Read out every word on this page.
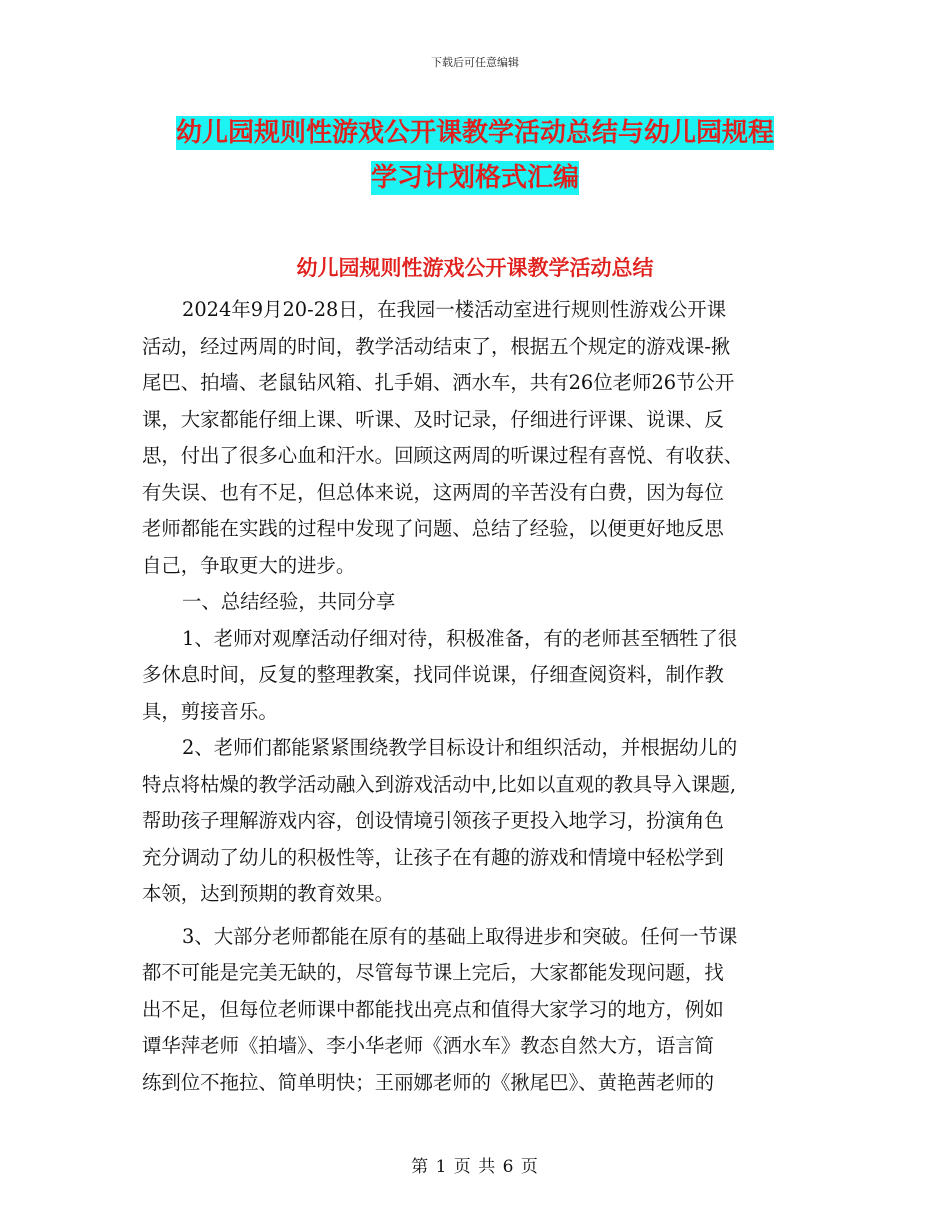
下载后可任意编辑
幼儿园规则性游戏公开课教学活动总结与幼儿园规程
学习计划格式汇编
幼儿园规则性游戏公开课教学活动总结
2024年9月20-28日，在我园一楼活动室进行规则性游戏公开课
活动，经过两周的时间，教学活动结束了，根据五个规定的游戏课-揪
尾巴、拍墙、老鼠钻风箱、扎手娟、洒水车，共有26位老师26节公开
课，大家都能仔细上课、听课、及时记录，仔细进行评课、说课、反
思，付出了很多心血和汗水。回顾这两周的听课过程有喜悦、有收获、
有失误、也有不足，但总体来说，这两周的辛苦没有白费，因为每位
老师都能在实践的过程中发现了问题、总结了经验，以便更好地反思
自己，争取更大的进步。
一、总结经验，共同分享
1、老师对观摩活动仔细对待，积极准备，有的老师甚至牺牲了很
多休息时间，反复的整理教案，找同伴说课，仔细查阅资料，制作教
具，剪接音乐。
2、老师们都能紧紧围绕教学目标设计和组织活动，并根据幼儿的
特点将枯燥的教学活动融入到游戏活动中,比如以直观的教具导入课题,
帮助孩子理解游戏内容，创设情境引领孩子更投入地学习，扮演角色
充分调动了幼儿的积极性等，让孩子在有趣的游戏和情境中轻松学到
本领，达到预期的教育效果。
3、大部分老师都能在原有的基础上取得进步和突破。任何一节课
都不可能是完美无缺的，尽管每节课上完后，大家都能发现问题，找
出不足，但每位老师课中都能找出亮点和值得大家学习的地方，例如
谭华萍老师《拍墙》、李小华老师《洒水车》教态自然大方，语言简
练到位不拖拉、简单明快；王丽娜老师的《揪尾巴》、黄艳茜老师的
第 1 页 共 6 页
